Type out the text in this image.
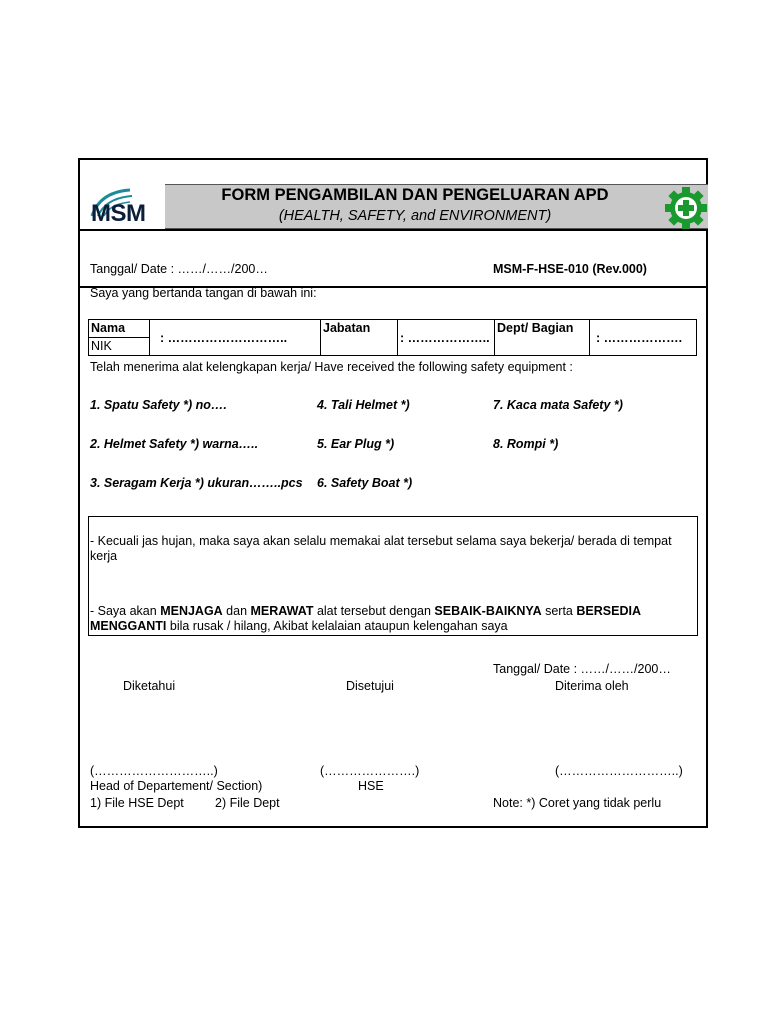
MSM
FORM PENGAMBILAN DAN PENGELUARAN APD
(HEALTH, SAFETY, and ENVIRONMENT)
Tanggal/ Date : ……/……/200…	MSM-F-HSE-010 (Rev.000)
Saya yang bertanda tangan di bawah ini:
Nama	: ………………………..	Jabatan	: ………………..	Dept/ Bagian	: ……………….
NIK
Telah menerima alat kelengkapan kerja/ Have received the following safety equipment :
1. Spatu Safety *) no….
2. Helmet Safety *) warna…..
3. Seragam Kerja *) ukuran……..pcs
4. Tali Helmet *)
5. Ear Plug *)
6. Safety Boat *)
7. Kaca mata Safety *)
8. Rompi *)
- Kecuali jas hujan, maka saya akan selalu memakai alat tersebut selama saya bekerja/ berada di tempat kerja
- Saya akan MENJAGA dan MERAWAT alat tersebut dengan SEBAIK-BAIKNYA serta BERSEDIA MENGGANTI bila rusak / hilang, Akibat kelalaian ataupun kelengahan saya
Tanggal/ Date : ……/……/200…
Diketahui	Disetujui	Diterima oleh
(………………………..)	(………………….)	(………………………..)
Head of Departement/ Section)	HSE
1) File HSE Dept 2) File Dept	Note: *) Coret yang tidak perlu
